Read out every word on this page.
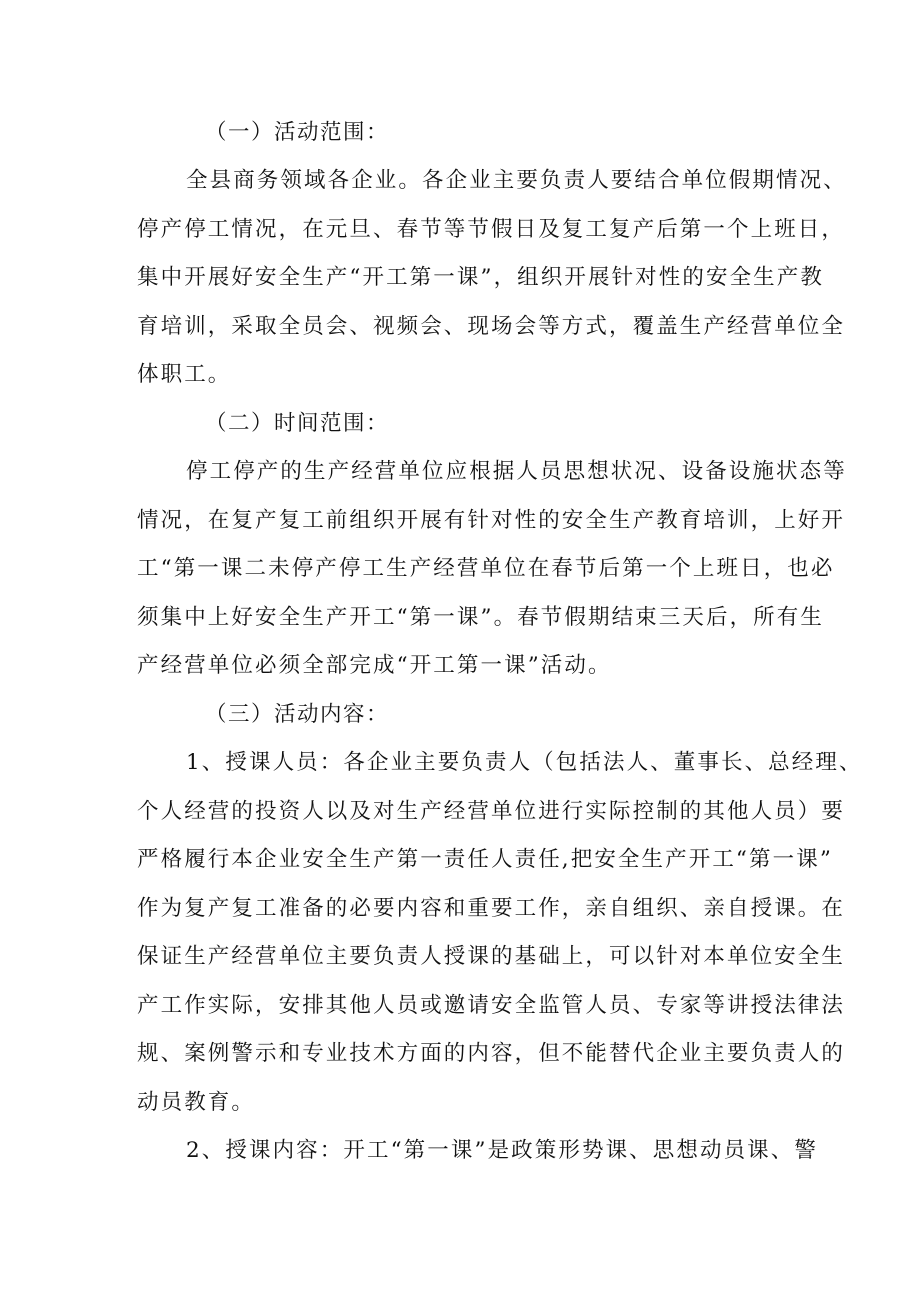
（一）活动范围：
全县商务领域各企业。各企业主要负责人要结合单位假期情况、
停产停工情况，在元旦、春节等节假日及复工复产后第一个上班日，
集中开展好安全生产“开工第一课”，组织开展针对性的安全生产教
育培训，采取全员会、视频会、现场会等方式，覆盖生产经营单位全
体职工。
（二）时间范围：
停工停产的生产经营单位应根据人员思想状况、设备设施状态等
情况，在复产复工前组织开展有针对性的安全生产教育培训，上好开
工“第一课二未停产停工生产经营单位在春节后第一个上班日，也必
须集中上好安全生产开工“第一课”。春节假期结束三天后，所有生
产经营单位必须全部完成“开工第一课”活动。
（三）活动内容：
1、授课人员：各企业主要负责人（包括法人、董事长、总经理、
个人经营的投资人以及对生产经营单位进行实际控制的其他人员）要
严格履行本企业安全生产第一责任人责任,把安全生产开工“第一课”
作为复产复工准备的必要内容和重要工作，亲自组织、亲自授课。在
保证生产经营单位主要负责人授课的基础上，可以针对本单位安全生
产工作实际，安排其他人员或邀请安全监管人员、专家等讲授法律法
规、案例警示和专业技术方面的内容，但不能替代企业主要负责人的
动员教育。
2、授课内容：开工“第一课”是政策形势课、思想动员课、警
